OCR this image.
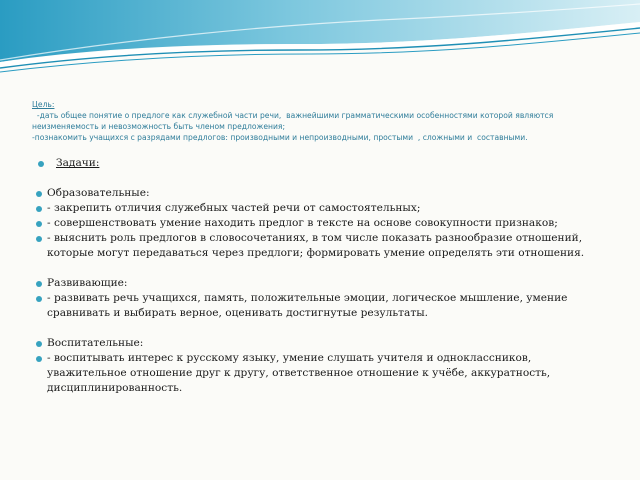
Цель:
-дать общее понятие о предлоге как служебной части речи,  важнейшими грамматическими особенностями которой являются неизменяемость и невозможность быть членом предложения;
-познакомить учащихся с разрядами предлогов: производными и непроизводными, простыми  , сложными и  составными.
Задачи:
Образовательные:
- закрепить отличия служебных частей речи от самостоятельных;
- совершенствовать умение находить предлог в тексте на основе совокупности признаков;
- выяснить роль предлогов в словосочетаниях, в том числе показать разнообразие отношений, которые могут передаваться через предлоги; формировать умение определять эти отношения.
Развивающие:
- развивать речь учащихся, память, положительные эмоции, логическое мышление, умение сравнивать и выбирать верное, оценивать достигнутые результаты.
Воспитательные:
- воспитывать интерес к русскому языку, умение слушать учителя и одноклассников, уважительное отношение друг к другу, ответственное отношение к учёбе, аккуратность, дисциплинированность.
